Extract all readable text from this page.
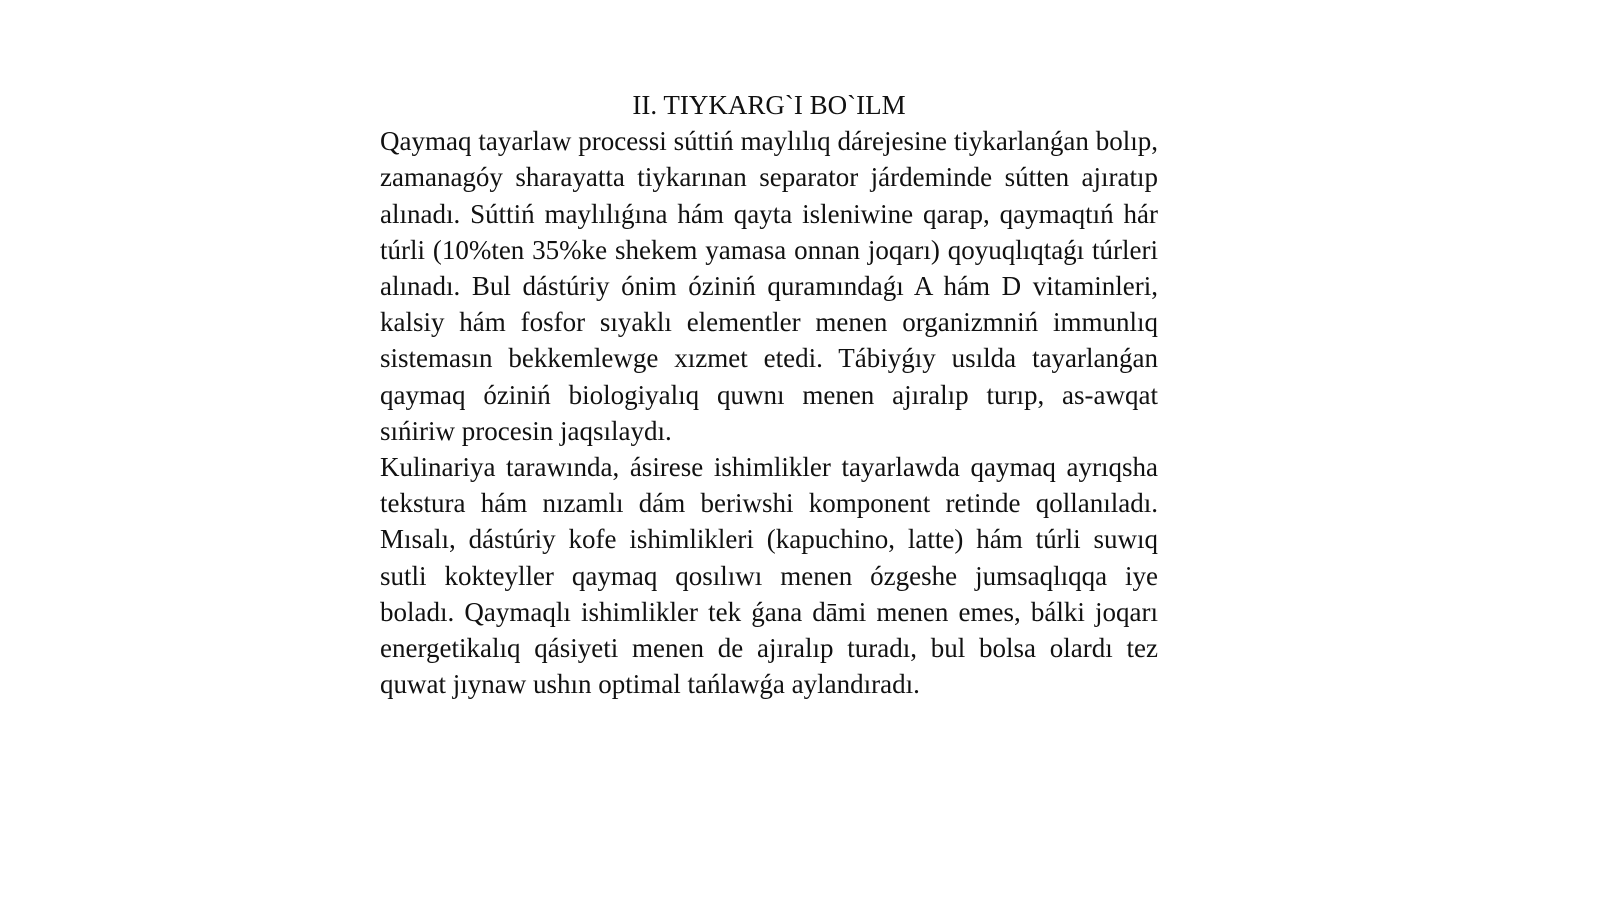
II. TIYKARG`I BO`ILM

Qaymaq tayarlaw processi súttiń maylılıq dárejesine tiykarlanǵan bolıp, zamanagóy sharayatta tiykarınan separator járdeminde sútten ajıratıp alınadı. Súttiń maylılıǵına hám qayta isleniwine qarap, qaymaqtıń hár túrli (10%ten 35%ke shekem yamasa onnan joqarı) qoyuqlıqtaǵı túrleri alınadı. Bul dástúriy ónim óziniń quramındaǵı A hám D vitaminleri, kalsiy hám fosfor sıyaklı elementler menen organizmniń immunlıq sistemasın bekkemlewge xızmet etedi. Tábiyǵıy usılda tayarlanǵan qaymaq óziniń biologiyalıq quwnı menen ajıralıp turıp, as-awqat sıńiriw procesin jaqsılaydı.

Kulinariya tarawında, ásirese ishimlikler tayarlawda qaymaq ayrıqsha tekstura hám nızamlı dám beriwshi komponent retinde qollanıladı. Mısalı, dástúriy kofe ishimlikleri (kapuchino, latte) hám túrli suwıq sutli kokteyller qaymaq qosılıwı menen ózgeshe jumsaqlıqqa iye boladı. Qaymaqlı ishimlikler tek ǵana dāmi menen emes, bálki joqarı energetikalıq qásiyeti menen de ajıralıp turadı, bul bolsa olardı tez quwat jıynaw ushın optimal tańlawǵa aylandıradı.
